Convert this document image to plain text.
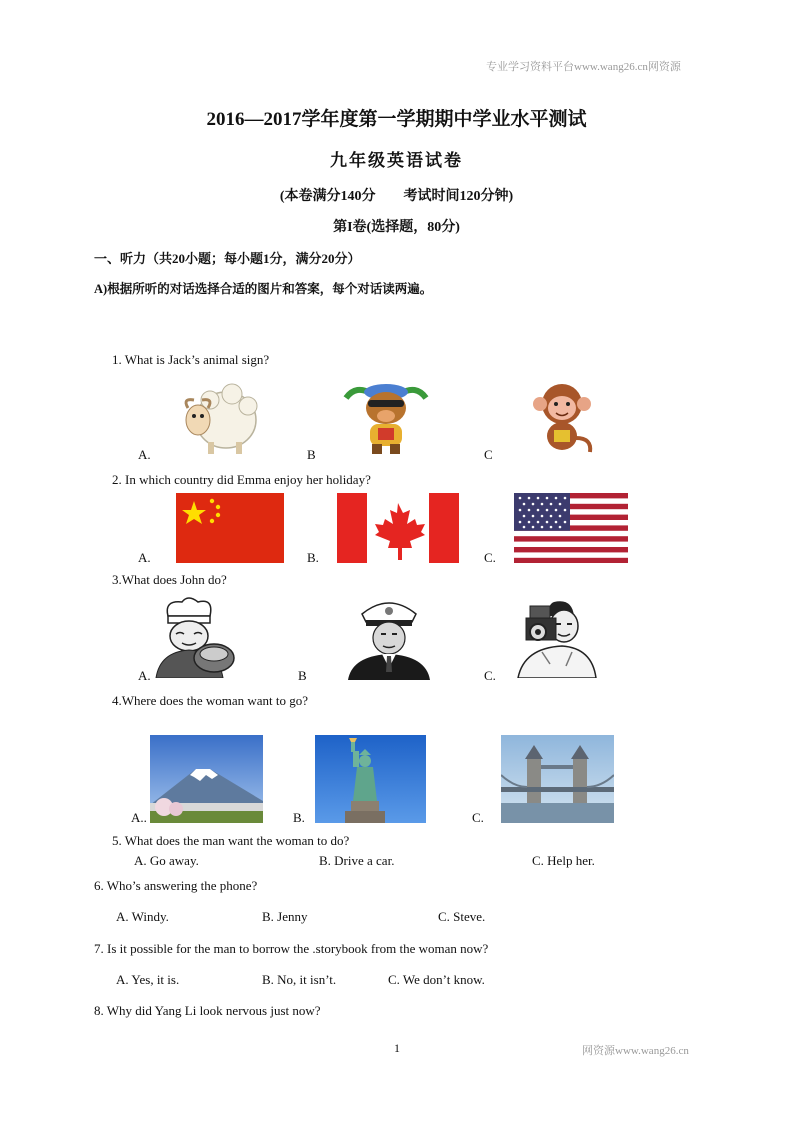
专业学习资料平台www.wang26.cn网资源
2016—2017学年度第一学期期中学业水平测试
九年级英语试卷
(本卷满分140分　　考试时间120分钟)
第I卷(选择题，80分)
一、听力（共20小题；每小题1分，满分20分）
A)根据所听的对话选择合适的图片和答案，每个对话读两遍。
1. What is Jack’s animal sign?
A.	B	C
2. In which country did Emma enjoy her holiday?
A.	B.	C.
3.What does John do?
A.	B	C.
4.Where does the woman want to go?
A..	B.	C.
5. What does the man want the woman to do?
A. Go away.	B. Drive a car.	C. Help her.
6. Who’s answering the phone?
A. Windy.	B. Jenny	C. Steve.
7. Is it possible for the man to borrow the .storybook from the woman now?
A. Yes, it is.	B. No, it isn’t.	C. We don’t know.
8. Why did Yang Li look nervous just now?
1	网资源www.wang26.cn
